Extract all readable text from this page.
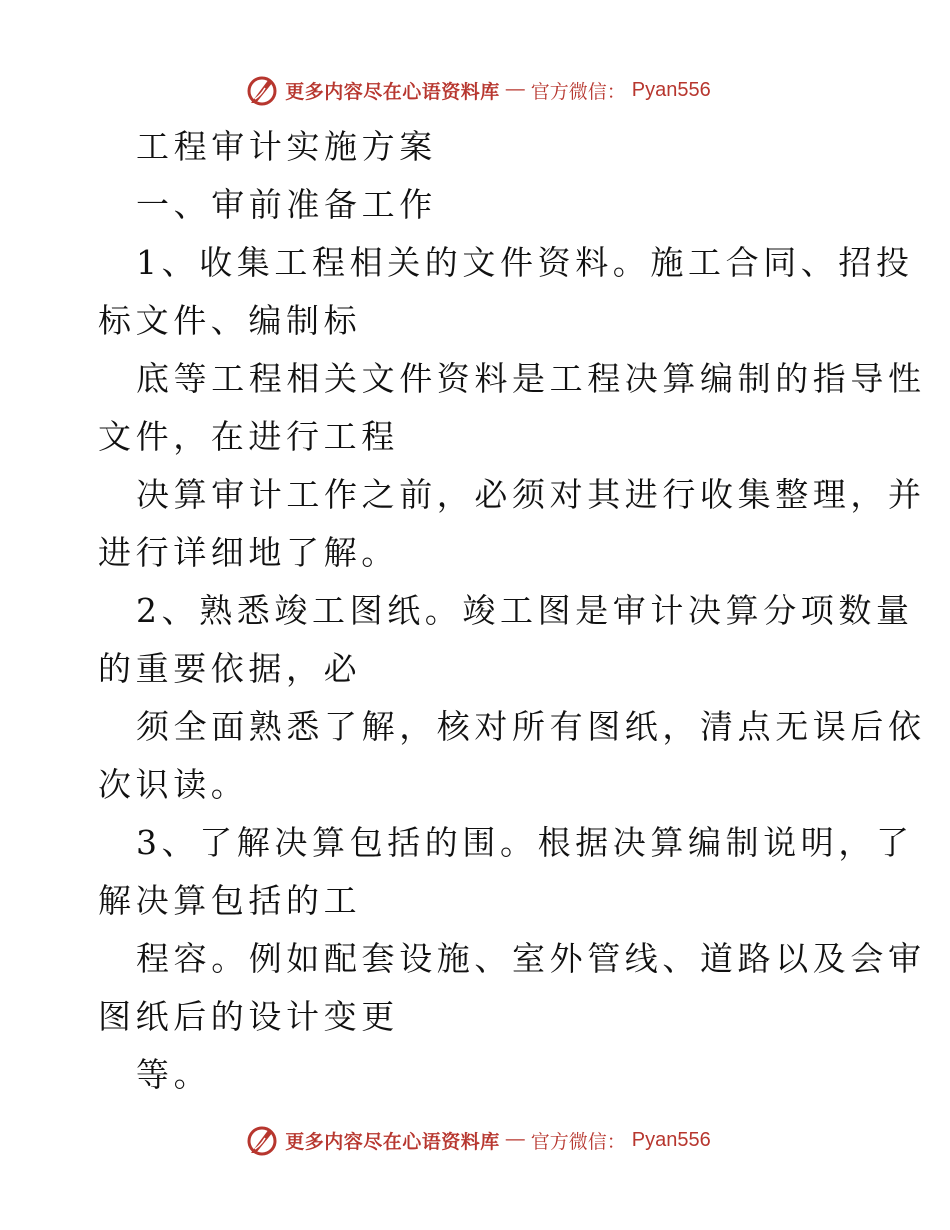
更多内容尽在心语资料库 — 官方微信： Pyan556

工程审计实施方案

一、审前准备工作

1、收集工程相关的文件资料。施工合同、招投

标文件、编制标

底等工程相关文件资料是工程决算编制的指导性

文件，在进行工程

决算审计工作之前，必须对其进行收集整理，并

进行详细地了解。

2、熟悉竣工图纸。竣工图是审计决算分项数量

的重要依据，必

须全面熟悉了解，核对所有图纸，清点无误后依

次识读。

3、了解决算包括的围。根据决算编制说明，了

解决算包括的工

程容。例如配套设施、室外管线、道路以及会审

图纸后的设计变更

等。

更多内容尽在心语资料库 — 官方微信： Pyan556
